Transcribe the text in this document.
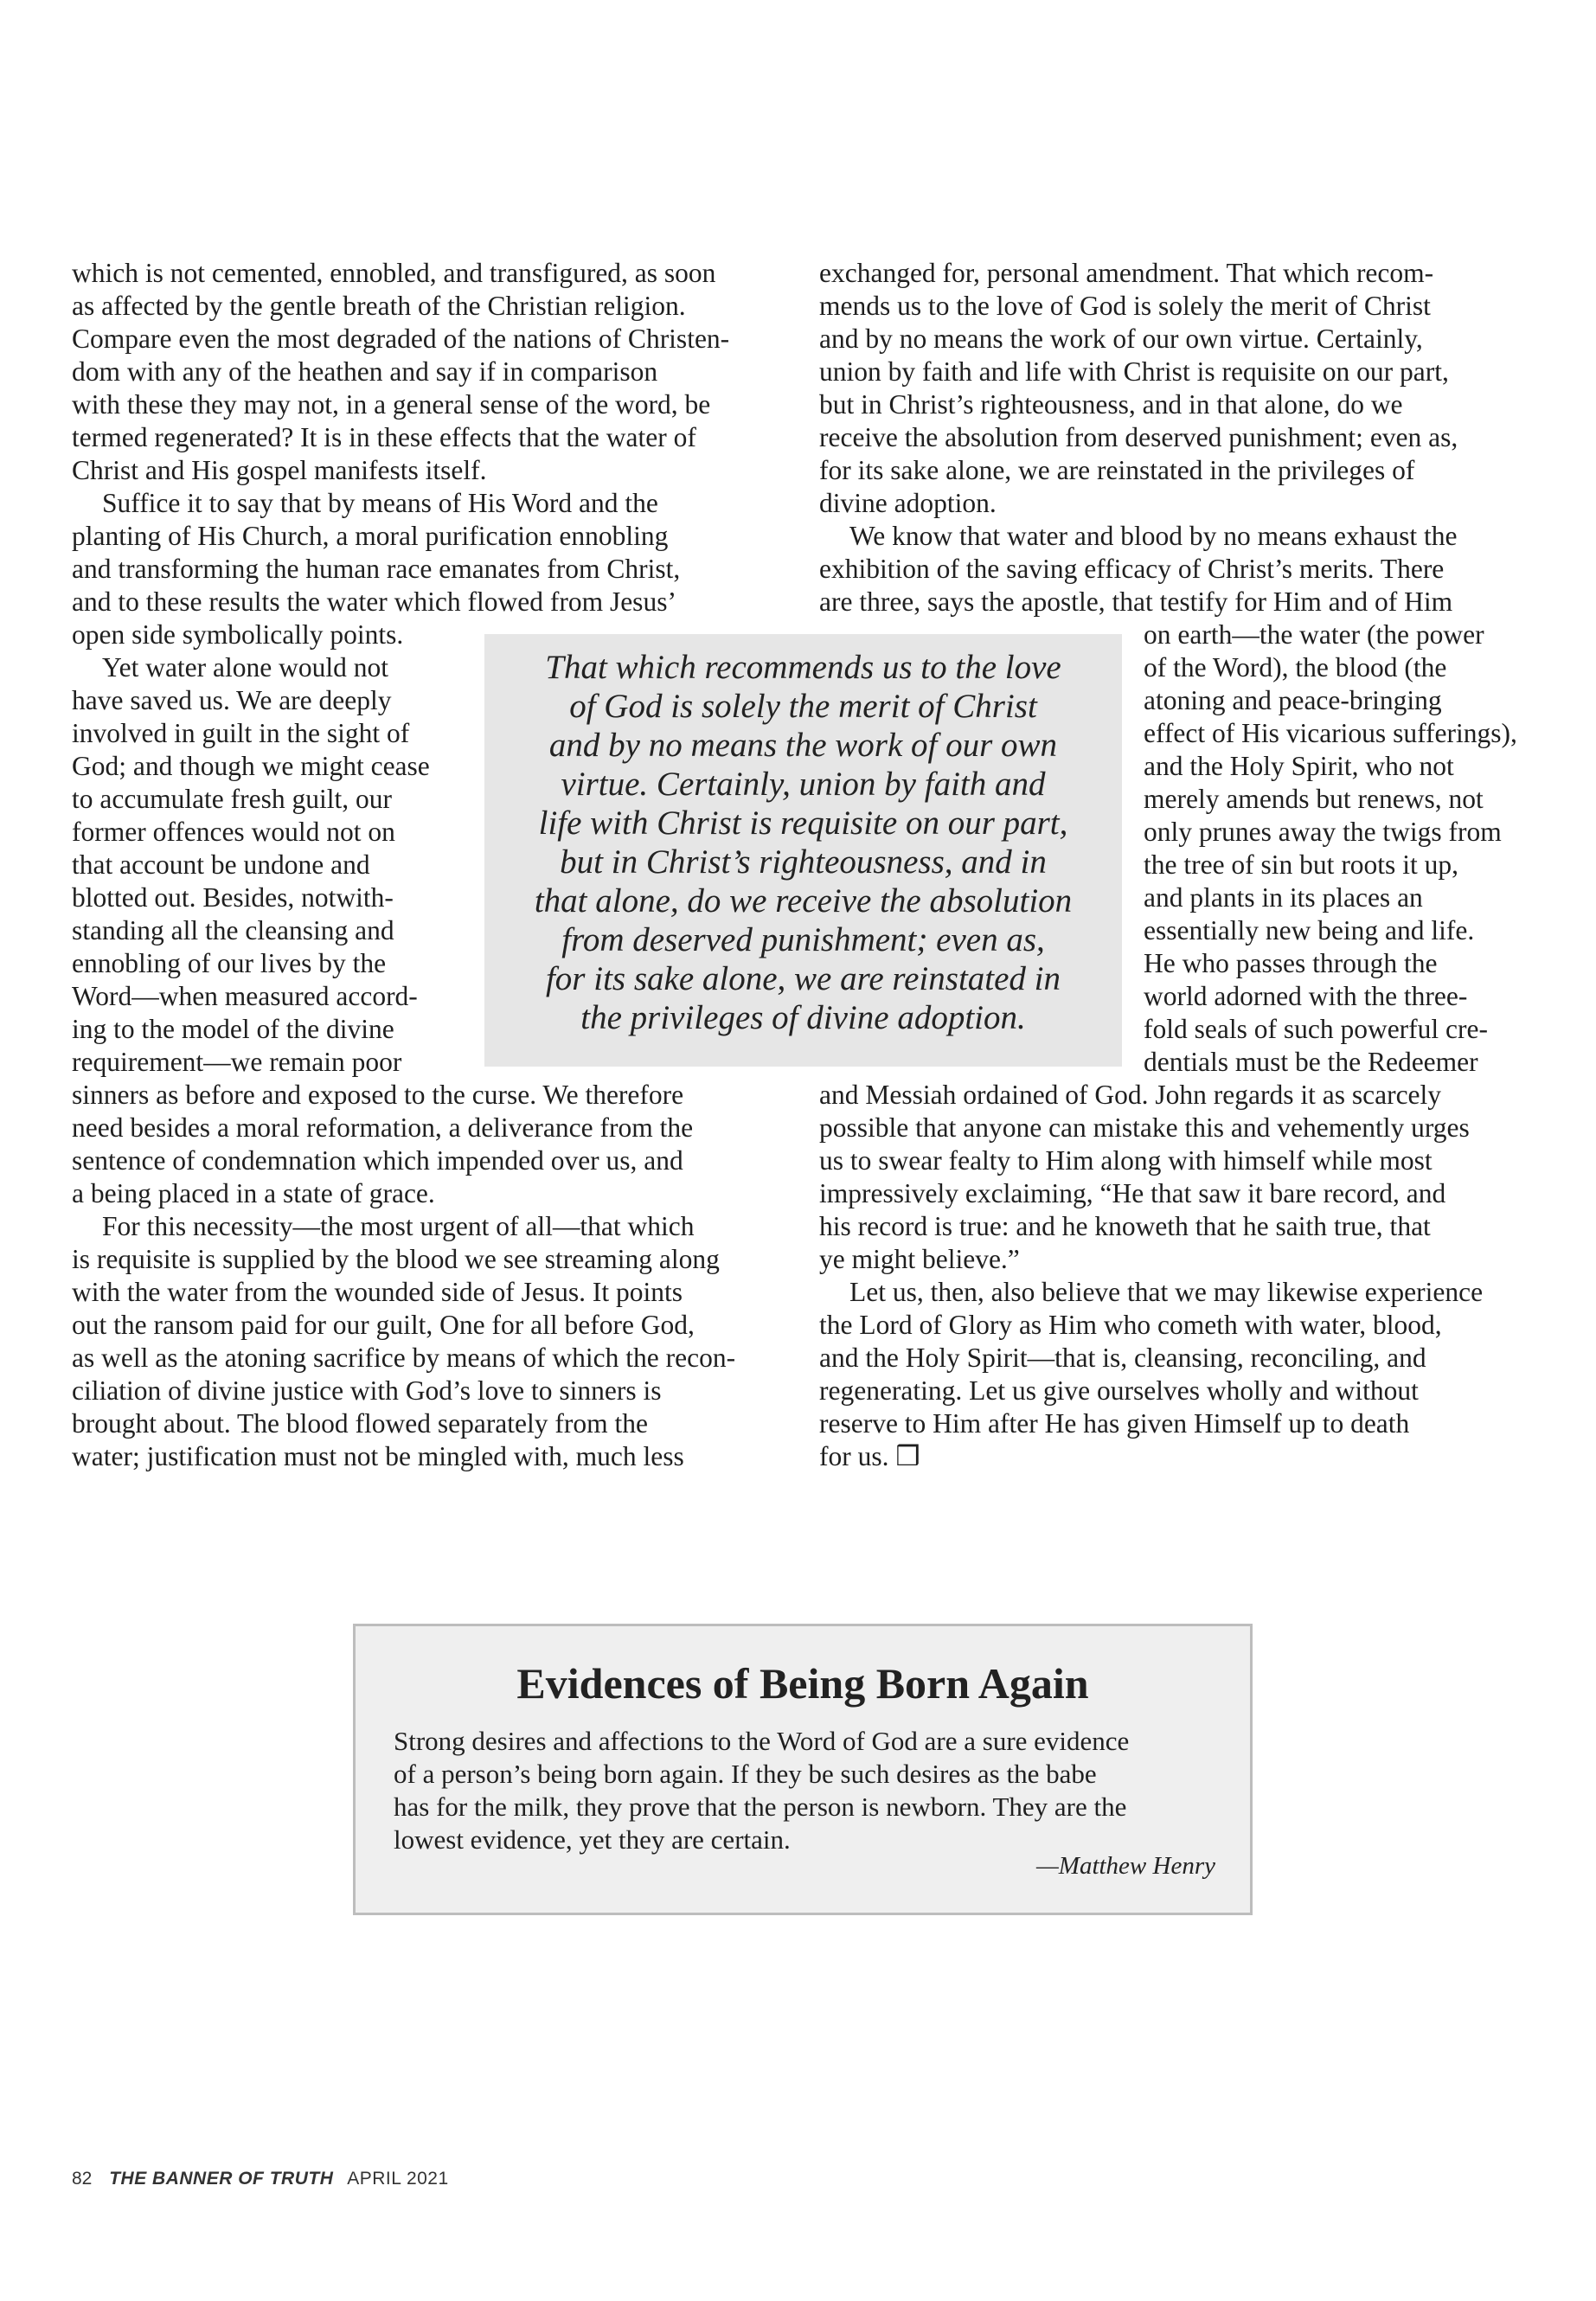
which is not cemented, ennobled, and transfigured, as soon

as affected by the gentle breath of the Christian religion.

Compare even the most degraded of the nations of Christen-

dom with any of the heathen and say if in comparison

with these they may not, in a general sense of the word, be

termed regenerated? It is in these effects that the water of

Christ and His gospel manifests itself.

Suffice it to say that by means of His Word and the

planting of His Church, a moral purification ennobling

and transforming the human race emanates from Christ,

and to these results the water which flowed from Jesus’

open side symbolically points.

Yet water alone would not

have saved us. We are deeply

involved in guilt in the sight of

God; and though we might cease

to accumulate fresh guilt, our

former offences would not on

that account be undone and

blotted out. Besides, notwith-

standing all the cleansing and

ennobling of our lives by the

Word—when measured accord-

ing to the model of the divine

requirement—we remain poor

sinners as before and exposed to the curse. We therefore

need besides a moral reformation, a deliverance from the

sentence of condemnation which impended over us, and

a being placed in a state of grace.

For this necessity—the most urgent of all—that which

is requisite is supplied by the blood we see streaming along

with the water from the wounded side of Jesus. It points

out the ransom paid for our guilt, One for all before God,

as well as the atoning sacrifice by means of which the recon-

ciliation of divine justice with God’s love to sinners is

brought about. The blood flowed separately from the

water; justification must not be mingled with, much less

exchanged for, personal amendment. That which recom-

mends us to the love of God is solely the merit of Christ

and by no means the work of our own virtue. Certainly,

union by faith and life with Christ is requisite on our part,

but in Christ’s righteousness, and in that alone, do we

receive the absolution from deserved punishment; even as,

for its sake alone, we are reinstated in the privileges of

divine adoption.

We know that water and blood by no means exhaust the

exhibition of the saving efficacy of Christ’s merits. There

are three, says the apostle, that testify for Him and of Him

on earth—the water (the power

of the Word), the blood (the

atoning and peace-bringing

effect of His vicarious sufferings),

and the Holy Spirit, who not

merely amends but renews, not

only prunes away the twigs from

the tree of sin but roots it up,

and plants in its places an

essentially new being and life.

He who passes through the

world adorned with the three-

fold seals of such powerful cre-

dentials must be the Redeemer

and Messiah ordained of God. John regards it as scarcely

possible that anyone can mistake this and vehemently urges

us to swear fealty to Him along with himself while most

impressively exclaiming, “He that saw it bare record, and

his record is true: and he knoweth that he saith true, that

ye might believe.”

Let us, then, also believe that we may likewise experience

the Lord of Glory as Him who cometh with water, blood,

and the Holy Spirit—that is, cleansing, reconciling, and

regenerating. Let us give ourselves wholly and without

reserve to Him after He has given Himself up to death

for us. ❒

That which recommends us to the love

of God is solely the merit of Christ

and by no means the work of our own

virtue. Certainly, union by faith and

life with Christ is requisite on our part,

but in Christ’s righteousness, and in

that alone, do we receive the absolution

from deserved punishment; even as,

for its sake alone, we are reinstated in

the privileges of divine adoption.

Evidences of Being Born Again

Strong desires and affections to the Word of God are a sure evidence

of a person’s being born again. If they be such desires as the babe

has for the milk, they prove that the person is newborn. They are the

lowest evidence, yet they are certain.

—Matthew Henry

82 THE BANNER OF TRUTH APRIL 2021
